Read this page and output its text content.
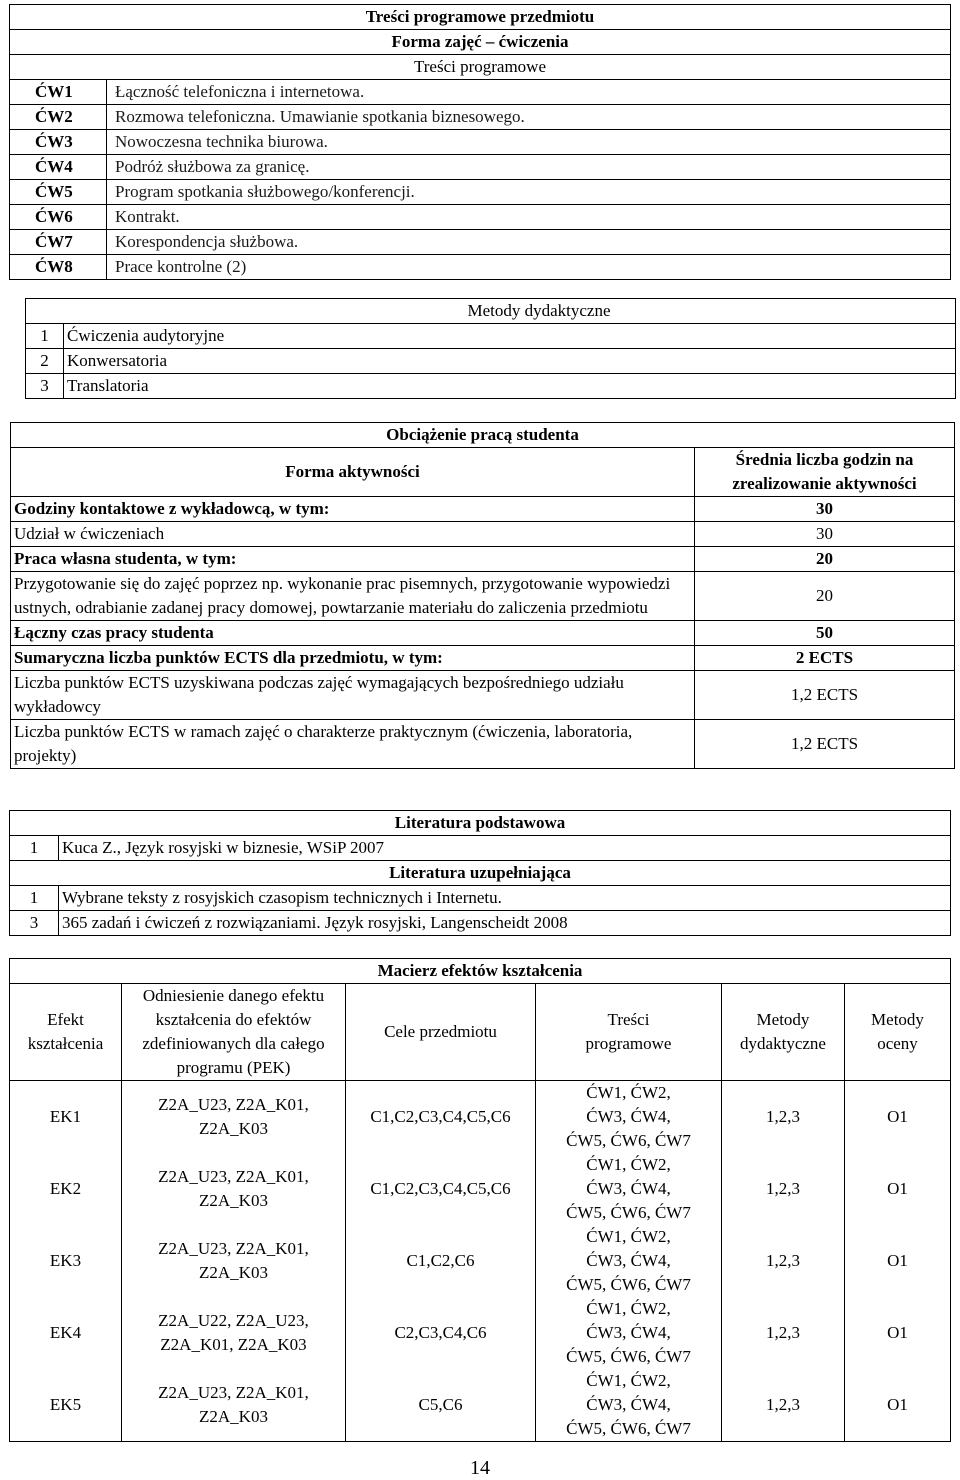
Treści programowe przedmiotu	
Forma zajęć – ćwiczenia	
Treści programowe	
ĆW1	Łączność telefoniczna i internetowa.
ĆW2	Rozmowa telefoniczna. Umawianie spotkania biznesowego.
ĆW3	Nowoczesna technika biurowa.
ĆW4	Podróż służbowa za granicę.
ĆW5	Program spotkania służbowego/konferencji.
ĆW6	Kontrakt.
ĆW7	Korespondencja służbowa.
ĆW8	Prace kontrolne (2)
Metody dydaktyczne	
1	Ćwiczenia audytoryjne
2	Konwersatoria
3	Translatoria
Obciążenie pracą studenta	
Forma aktywności	Średnia liczba godzin na zrealizowanie aktywności
Godziny kontaktowe z wykładowcą, w tym:	30
Udział w ćwiczeniach	30
Praca własna studenta, w tym:	20
Przygotowanie się do zajęć poprzez np. wykonanie prac pisemnych, przygotowanie wypowiedzi ustnych, odrabianie zadanej pracy domowej, powtarzanie materiału do zaliczenia przedmiotu	20
Łączny czas pracy studenta	50
Sumaryczna liczba punktów ECTS dla przedmiotu, w tym:	2 ECTS
Liczba punktów ECTS uzyskiwana podczas zajęć wymagających bezpośredniego udziału wykładowcy	1,2 ECTS
Liczba punktów ECTS w ramach zajęć o charakterze praktycznym (ćwiczenia, laboratoria, projekty)	1,2 ECTS
Literatura podstawowa	
1	Kuca Z., Język rosyjski w biznesie, WSiP 2007
Literatura uzupełniająca	
1	Wybrane teksty z rosyjskich czasopism technicznych i Internetu.
3	365 zadań i ćwiczeń z rozwiązaniami. Język rosyjski, Langenscheidt 2008
Macierz efektów kształcenia					
Efekt kształcenia	Odniesienie danego efektu kształcenia do efektów zdefiniowanych dla całego programu (PEK)	Cele przedmiotu	Treści programowe	Metody dydaktyczne	Metody oceny
EK1	Z2A_U23, Z2A_K01, Z2A_K03	C1,C2,C3,C4,C5,C6	ĆW1, ĆW2, ĆW3, ĆW4, ĆW5, ĆW6, ĆW7	1,2,3	O1
EK2	Z2A_U23, Z2A_K01, Z2A_K03	C1,C2,C3,C4,C5,C6	ĆW1, ĆW2, ĆW3, ĆW4, ĆW5, ĆW6, ĆW7	1,2,3	O1
EK3	Z2A_U23, Z2A_K01, Z2A_K03	C1,C2,C6	ĆW1, ĆW2, ĆW3, ĆW4, ĆW5, ĆW6, ĆW7	1,2,3	O1
EK4	Z2A_U22, Z2A_U23, Z2A_K01, Z2A_K03	C2,C3,C4,C6	ĆW1, ĆW2, ĆW3, ĆW4, ĆW5, ĆW6, ĆW7	1,2,3	O1
EK5	Z2A_U23, Z2A_K01, Z2A_K03	C5,C6	ĆW1, ĆW2, ĆW3, ĆW4, ĆW5, ĆW6, ĆW7	1,2,3	O1
14
